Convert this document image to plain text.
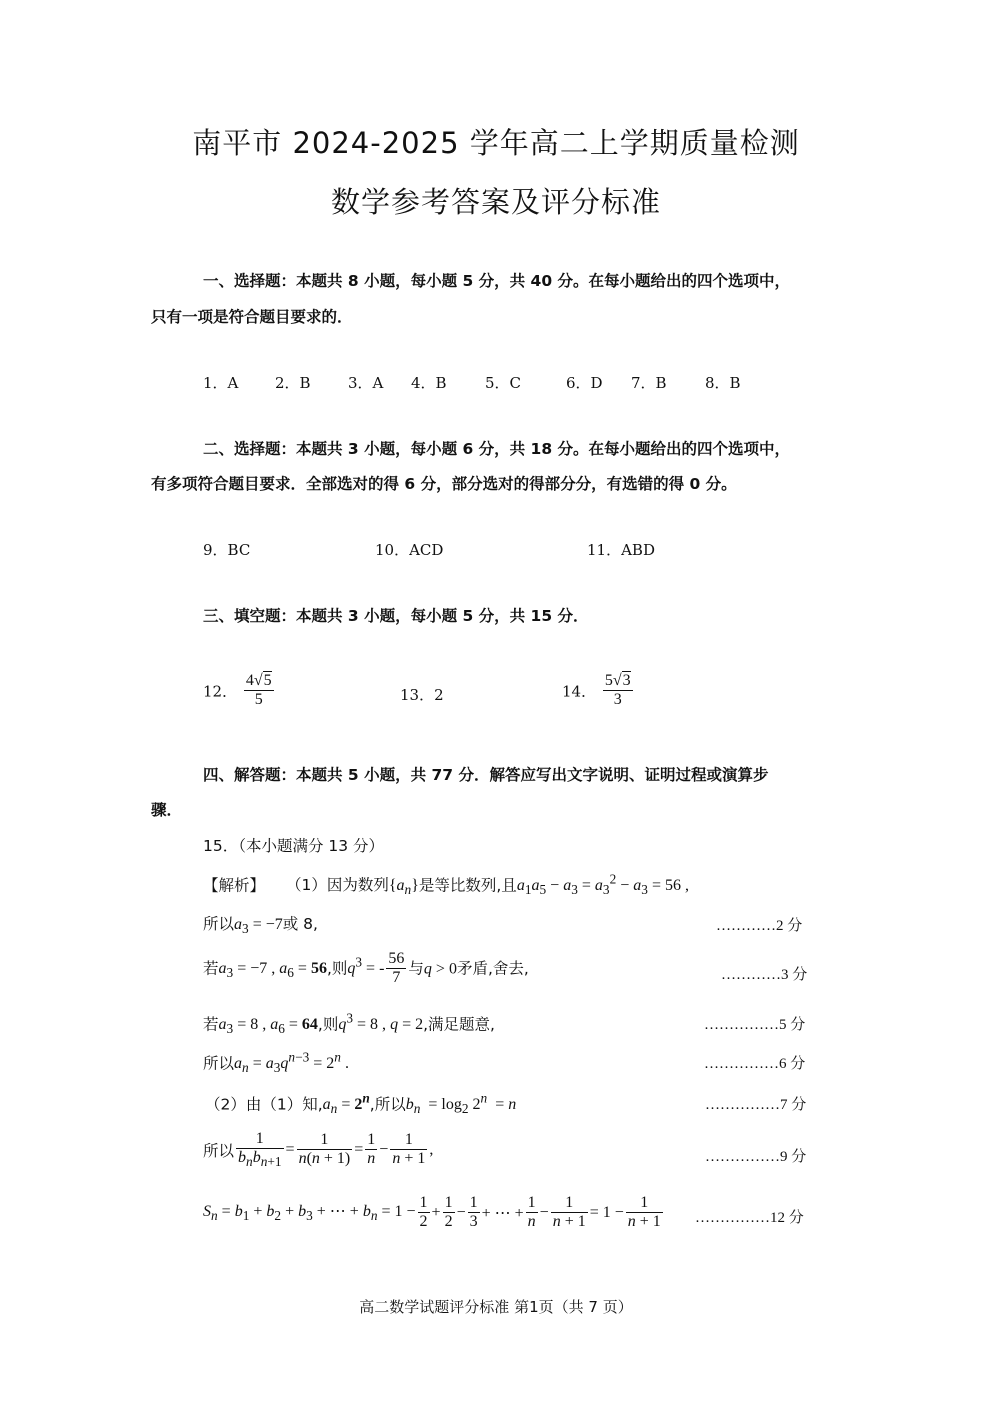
南平市 2024-2025 学年高二上学期质量检测
数学参考答案及评分标准
一、选择题：本题共 8 小题，每小题 5 分，共 40 分。在每小题给出的四个选项中，
只有一项是符合题目要求的．
1．A 2．B 3．A 4．B	5．C	6．D 7．B	8．B
二、选择题：本题共 3 小题，每小题 6 分，共 18 分。在每小题给出的四个选项中，
有多项符合题目要求．全部选对的得 6 分，部分选对的得部分分，有选错的得 0 分。
9．BC	10．ACD	11．ABD
三、填空题：本题共 3 小题，每小题 5 分，共 15 分．
12． $\frac{4√5}{5}$	13．2	14． $\frac{5√3}{3}$
四、解答题：本题共 5 小题，共 77 分．解答应写出文字说明、证明过程或演算步
骤．
15．（本小题满分 13 分）
【解析】 （1）因为数列$\{a_n\}$是等比数列,且$a_1a_5 - a_3 = a_3^2 - a_3 = 56$ ,
所以$a_3 = -7$或 8,	…………2 分
若$a_3 = -7$ , $a_6 = 56$,则$q^3$ = - $\frac{56}{7}$ 与q > 0矛盾,舍去,	…………3 分
若$a_3 = 8$ , $a_6 = 64$,则$q^3 = 8$ , q = 2,满足题意,	……………5 分
所以$a_n = a_3q^{n-3} = 2^n$ .	……………6 分
（2）由（1）知$,a_n = 2^n$,所以$b_n = \log_2 2^n = n$	……………7 分
所以 $\frac{1}{b_nb_{n+1}} = \frac{1}{n(n + 1)} = \frac{1}{n} - \frac{1}{n + 1}$ ,	……………9 分
$S_n = b_1 + b_2 + b_3$ + ⋯ + $b_n = 1 - \frac{1}{2} + \frac{1}{2} - \frac{1}{3}$ + ⋯ + $\frac{1}{n} - \frac{1}{n + 1} = 1 - \frac{1}{n + 1}$ ……………12 分
高二数学试题评分标准 第1页（共 7 页）
